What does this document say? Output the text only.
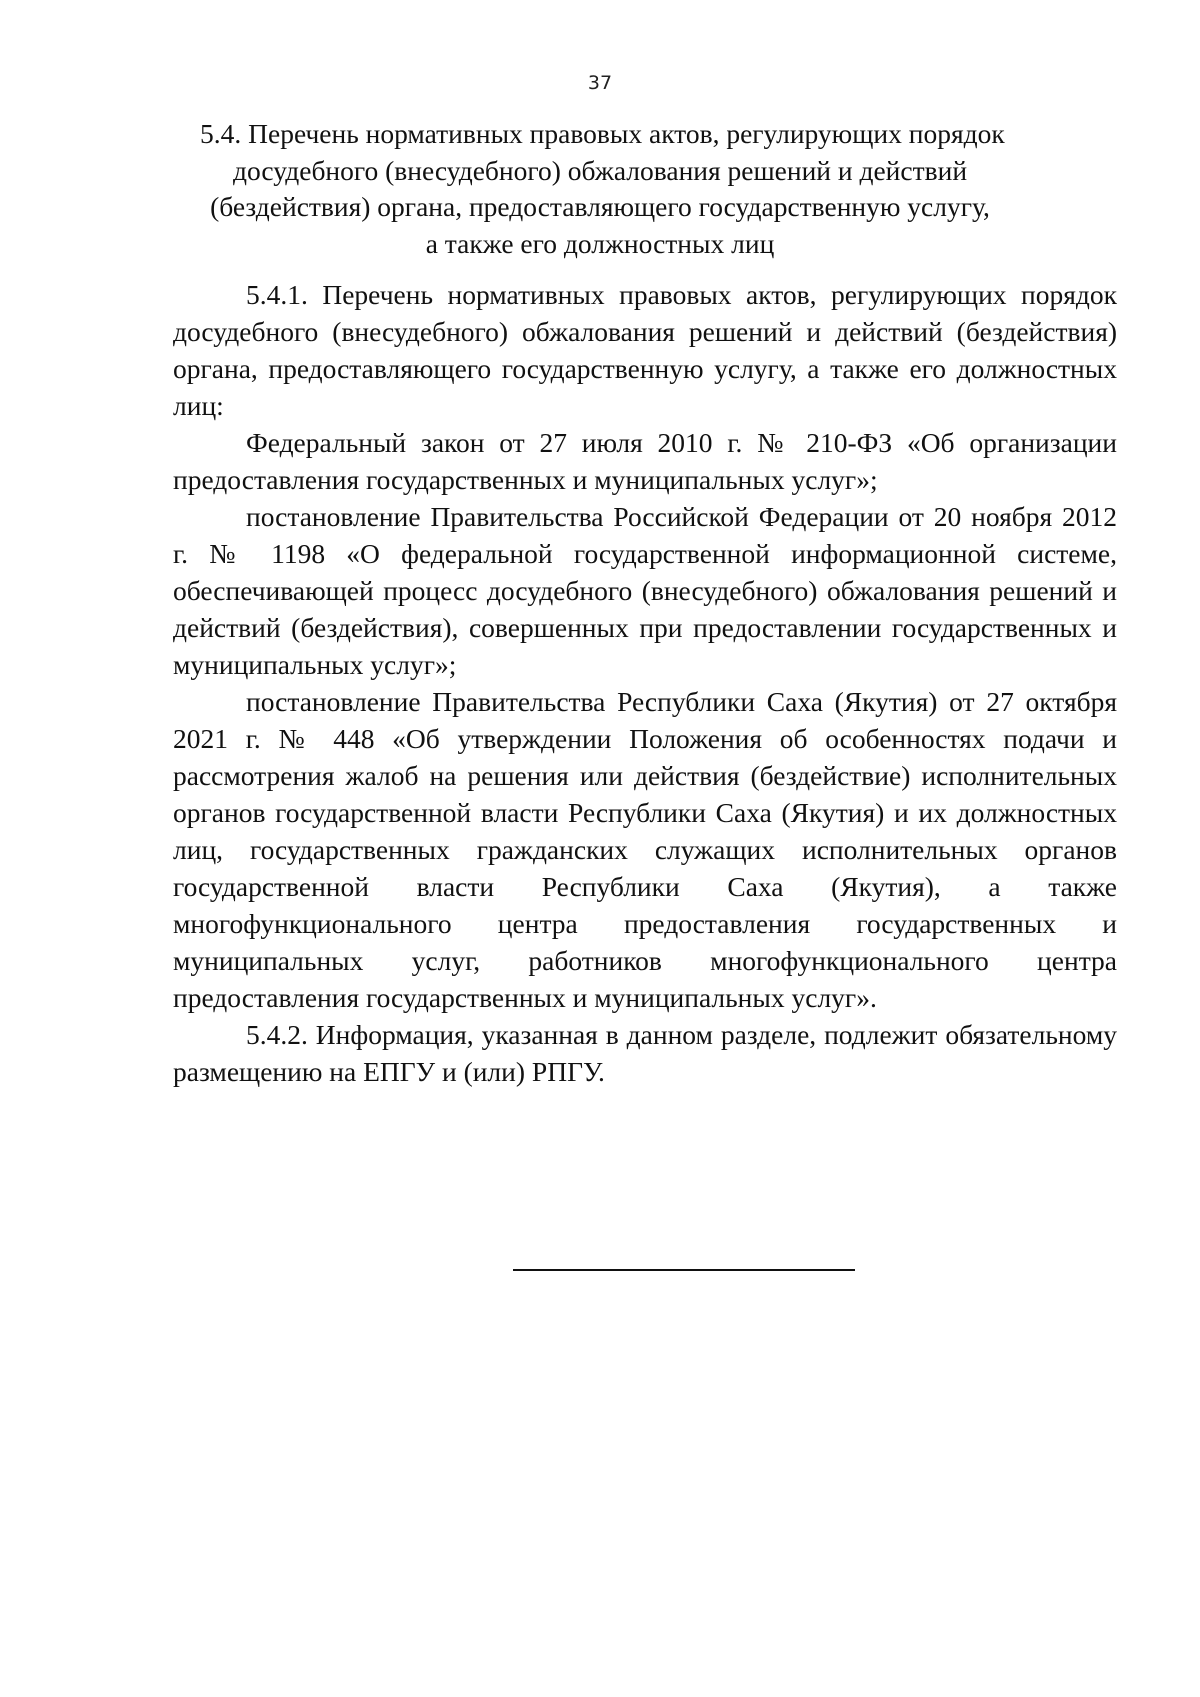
37
5.4. Перечень нормативных правовых актов, регулирующих порядок
досудебного (внесудебного) обжалования решений и действий
(бездействия) органа, предоставляющего государственную услугу,
а также его должностных лиц

5.4.1. Перечень нормативных правовых актов, регулирующих порядок досудебного (внесудебного) обжалования решений и действий (бездействия) органа, предоставляющего государственную услугу, а также его должностных лиц:

Федеральный закон от 27 июля 2010 г. № 210-ФЗ «Об организации предоставления государственных и муниципальных услуг»;

постановление Правительства Российской Федерации от 20 ноября 2012 г. № 1198 «О федеральной государственной информационной системе, обеспечивающей процесс досудебного (внесудебного) обжалования решений и действий (бездействия), совершенных при предоставлении государственных и муниципальных услуг»;

постановление Правительства Республики Саха (Якутия) от 27 октября 2021 г. № 448 «Об утверждении Положения об особенностях подачи и рассмотрения жалоб на решения или действия (бездействие) исполнительных органов государственной власти Республики Саха (Якутия) и их должностных лиц, государственных гражданских служащих исполнительных органов государственной власти Республики Саха (Якутия), а также многофункционального центра предоставления государственных и муниципальных услуг, работников многофункционального центра предоставления государственных и муниципальных услуг».

5.4.2. Информация, указанная в данном разделе, подлежит обязательному размещению на ЕПГУ и (или) РПГУ.
